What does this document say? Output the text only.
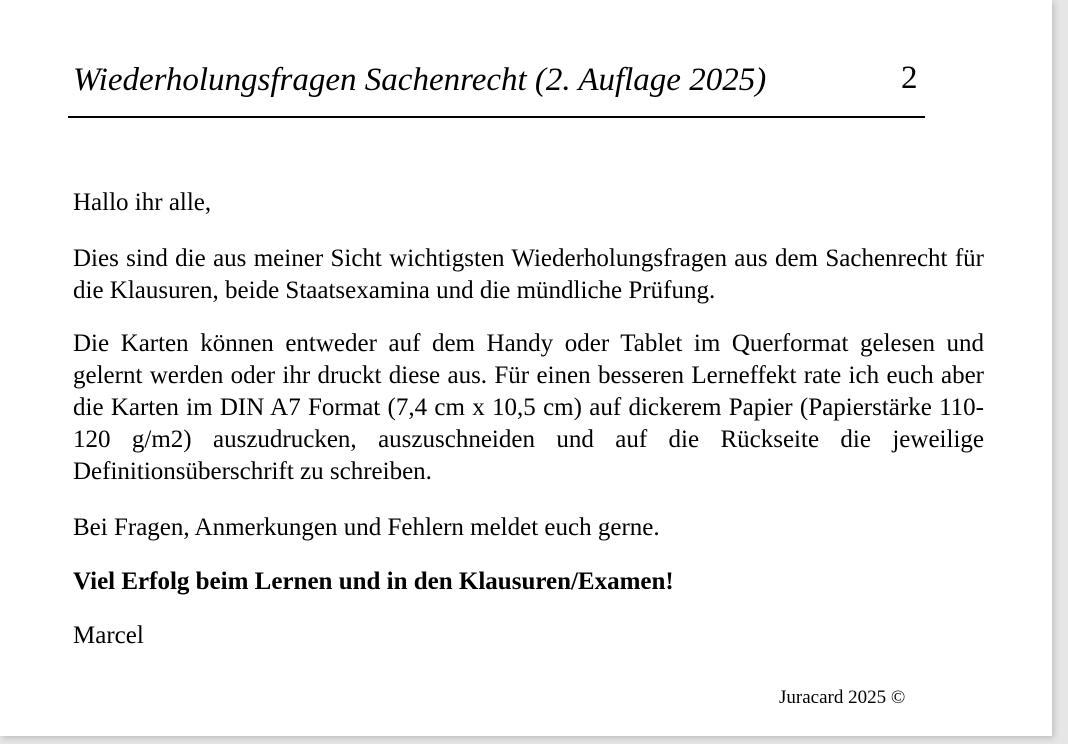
Wiederholungsfragen Sachenrecht (2. Auflage 2025)	2

Hallo ihr alle,

Dies sind die aus meiner Sicht wichtigsten Wiederholungsfragen aus dem Sachenrecht für die Klausuren, beide Staatsexamina und die mündliche Prüfung.

Die Karten können entweder auf dem Handy oder Tablet im Querformat gelesen und gelernt werden oder ihr druckt diese aus. Für einen besseren Lerneffekt rate ich euch aber die Karten im DIN A7 Format (7,4 cm x 10,5 cm) auf dickerem Papier (Papierstärke 110-120 g/m2) auszudrucken, auszuschneiden und auf die Rückseite die jeweilige Definitionsüberschrift zu schreiben.

Bei Fragen, Anmerkungen und Fehlern meldet euch gerne.

Viel Erfolg beim Lernen und in den Klausuren/Examen!

Marcel

Juracard 2025 ©
